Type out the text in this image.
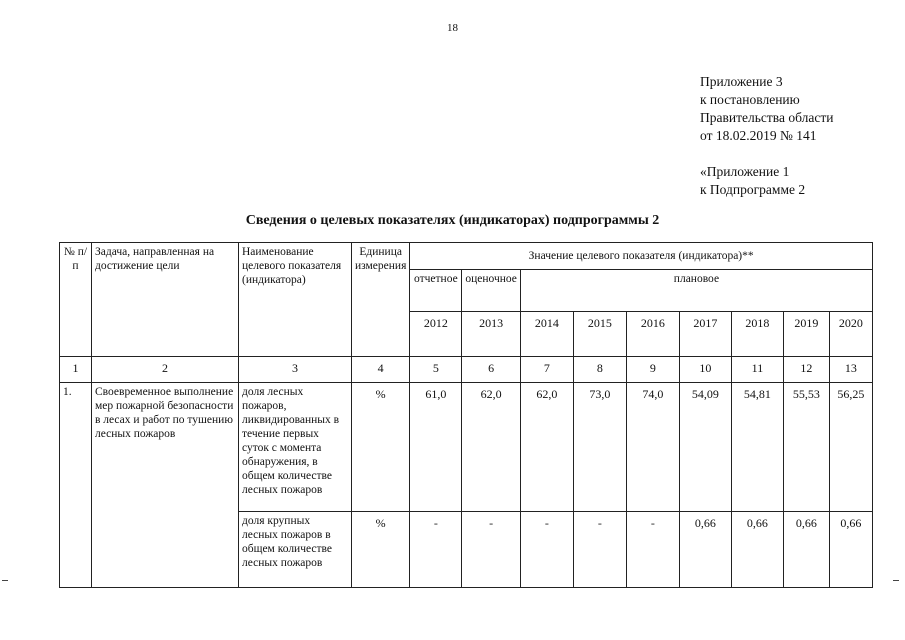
18
Приложение 3
к постановлению
Правительства области
от 18.02.2019 № 141
«Приложение 1
к Подпрограмме 2
Сведения о целевых показателях (индикаторах) подпрограммы 2
№ п/п	Задача, направленная на достижение цели	Наименование целевого показателя (индикатора)	Единица измерения	Значение целевого показателя (индикатора)**								
				отчетное	оценочное	плановое						
				2012	2013	2014	2015	2016	2017	2018	2019	2020
1	2	3	4	5	6	7	8	9	10	11	12	13
1.	Своевременное выполнение мер пожарной безопасности в лесах и работ по тушению лесных пожаров	доля лесных пожаров, ликвидированных в течение первых суток с момента обнаружения, в общем количестве лесных пожаров	%	61,0	62,0	62,0	73,0	74,0	54,09	54,81	55,53	56,25
		доля крупных лесных пожаров в общем количестве лесных пожаров	%	-	-	-	-	-	0,66	0,66	0,66	0,66
